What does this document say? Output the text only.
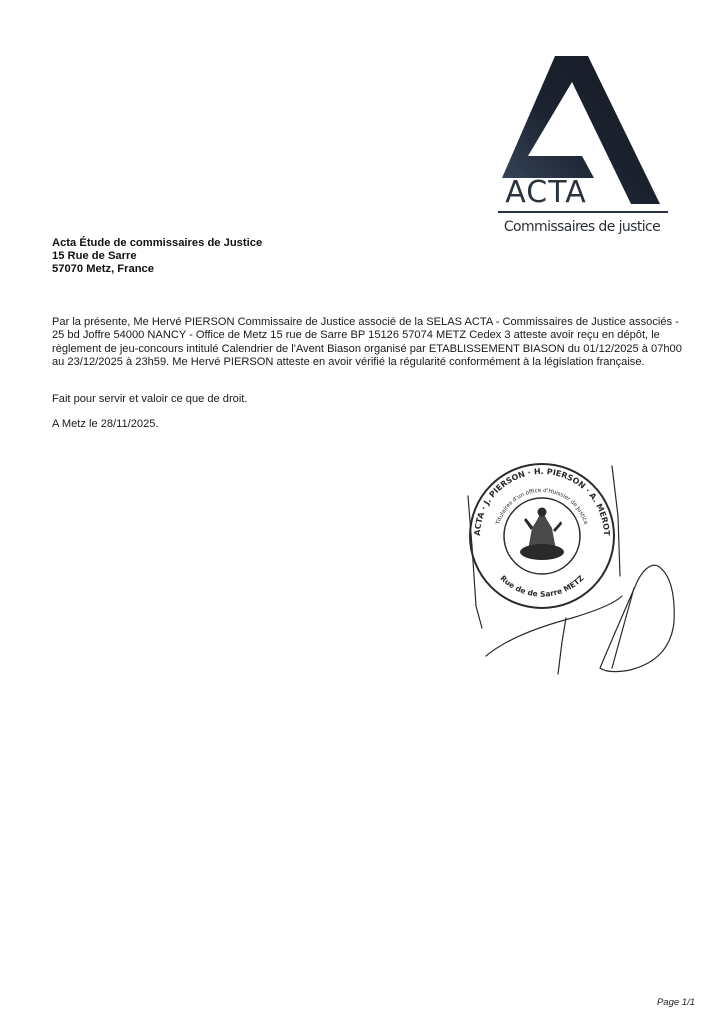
ACTA
Commissaires de justice
Acta Étude de commissaires de Justice
15 Rue de Sarre
57070 Metz, France

Par la présente, Me Hervé PIERSON Commissaire de Justice associé de la SELAS ACTA - Commissaires de Justice associés - 25 bd Joffre 54000 NANCY - Office de Metz 15 rue de Sarre BP 15126 57074 METZ Cedex 3 atteste avoir reçu en dépôt, le règlement de jeu-concours intitulé Calendrier de l'Avent Biason organisé par ETABLISSEMENT BIASON du 01/12/2025 à 07h00 au 23/12/2025 à 23h59. Me Hervé PIERSON atteste en avoir vérifié la régularité conformément à la législation française.

Fait pour servir et valoir ce que de droit.
A Metz le 28/11/2025.
ACTA · J. PIERSON · H. PIERSON · A. MEROT
Titulaires d'un office d'Huissier de Justice
Rue de de Sarre METZ
Page 1/1
